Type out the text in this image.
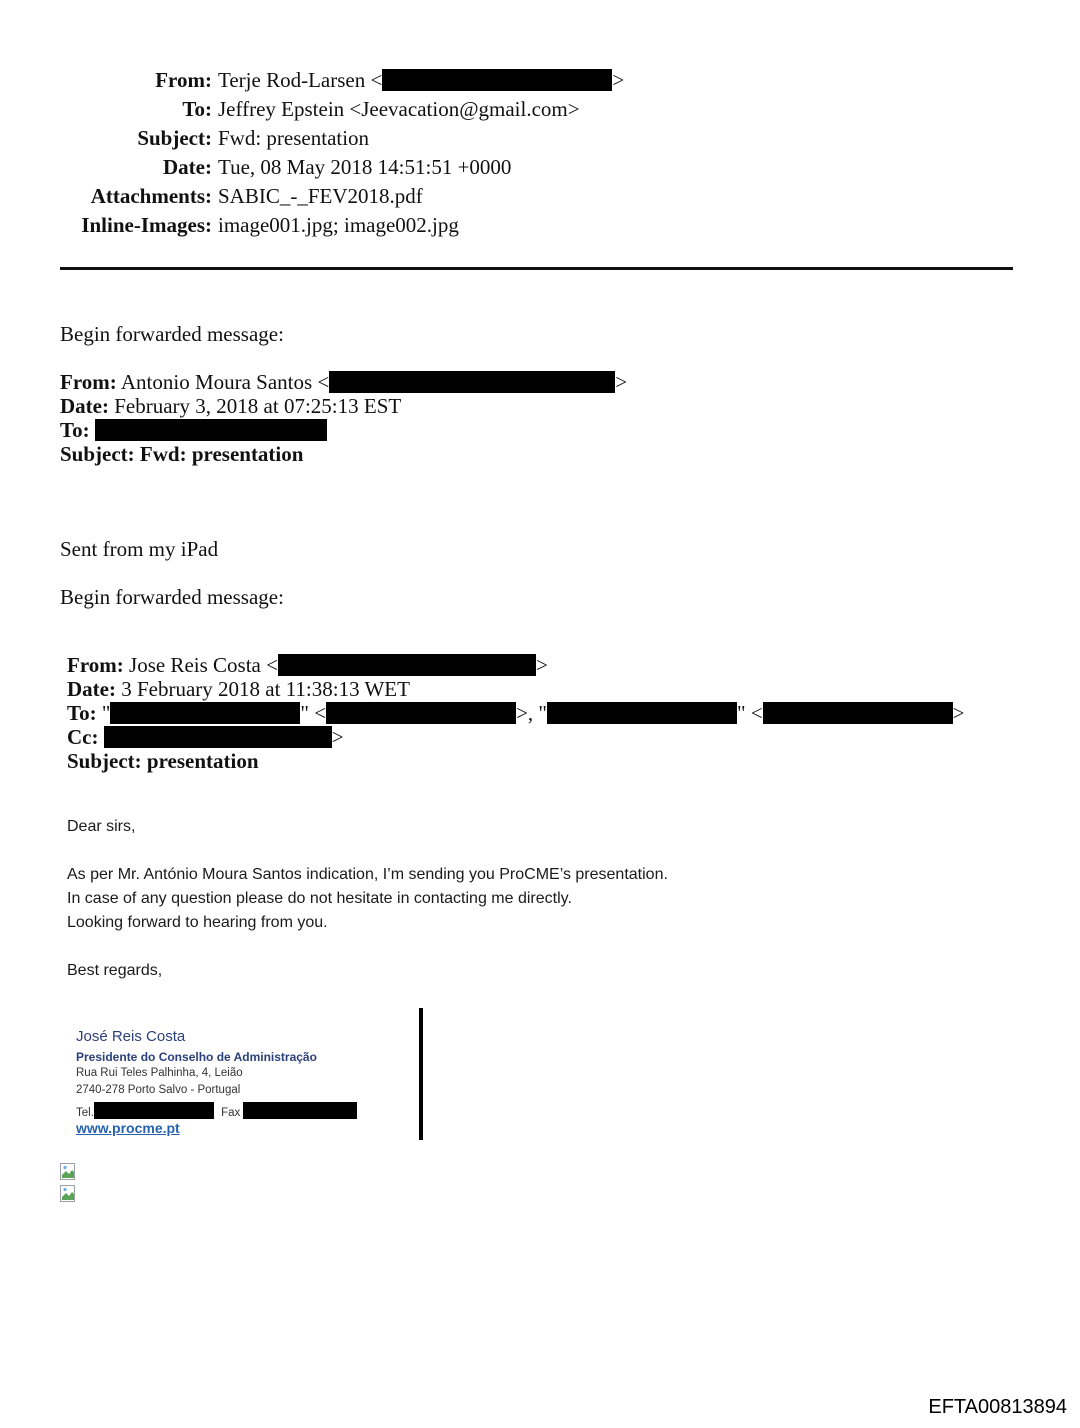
From: Terje Rod-Larsen <	>
To: Jeffrey Epstein <Jeevacation@gmail.com>
Subject: Fwd: presentation
Date: Tue, 08 May 2018 14:51:51 +0000
Attachments: SABIC_-_FEV2018.pdf
Inline-Images: image001.jpg; image002.jpg
Begin forwarded message:
From: Antonio Moura Santos <	>
Date: February 3, 2018 at 07:25:13 EST
To:
Subject: Fwd: presentation
Sent from my iPad
Begin forwarded message:
From: Jose Reis Costa <	>
Date: 3 February 2018 at 11:38:13 WET
To: "	" <	>, "	" <	>
Cc:	>
Subject: presentation
Dear sirs,
As per Mr. António Moura Santos indication, I’m sending you ProCME’s presentation.
In case of any question please do not hesitate in contacting me directly.
Looking forward to hearing from you.
Best regards,
José Reis Costa
Presidente do Conselho de Administração
Rua Rui Teles Palhinha, 4, Leião
2740-278 Porto Salvo - Portugal
Tel.	Fax
www.procme.pt
EFTA00813894
